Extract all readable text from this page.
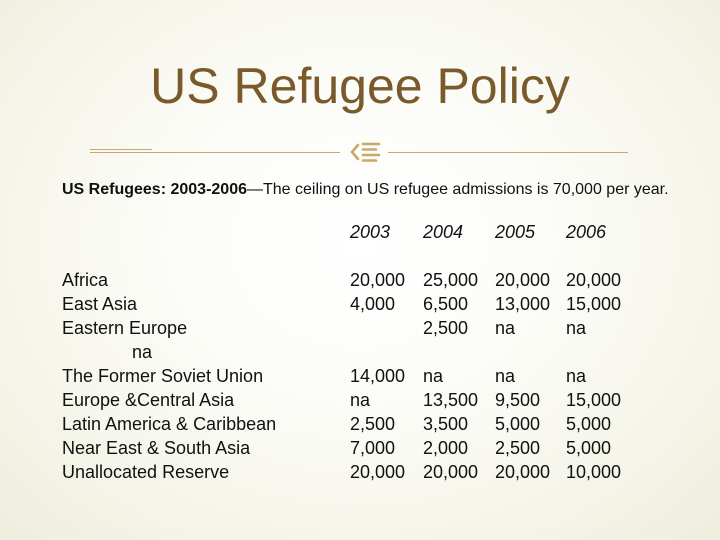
US Refugee Policy
US Refugees: 2003-2006—The ceiling on US refugee admissions is 70,000 per year.
2003 2004 2005 2006
Africa
East Asia
Eastern Europe
na
The Former Soviet Union
Europe &Central Asia
Latin America & Caribbean
Near East & South Asia
Unallocated Reserve
20,000
4,000
14,000
na
2,500
7,000
20,000
25,000
6,500
2,500
na
13,500
3,500
2,000
20,000
20,000
13,000
na
na
9,500
5,000
2,500
20,000
20,000
15,000
na
na
15,000
5,000
5,000
10,000
